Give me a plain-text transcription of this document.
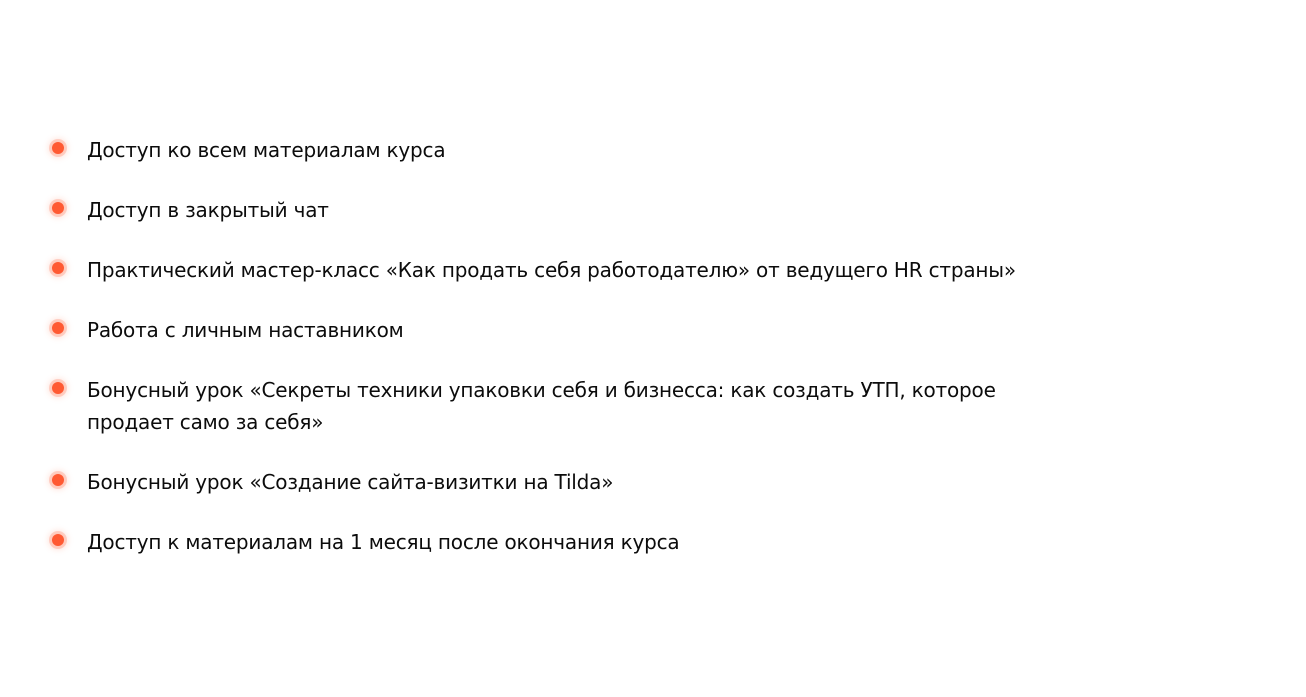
Доступ ко всем материалам курса
Доступ в закрытый чат
Практический мастер-класс «Как продать себя работодателю» от ведущего HR страны»
Работа с личным наставником
Бонусный урок «Секреты техники упаковки себя и бизнесса: как создать УТП, которое продает само за себя»
Бонусный урок «Создание сайта-визитки на Tilda»
Доступ к материалам на 1 месяц после окончания курса
